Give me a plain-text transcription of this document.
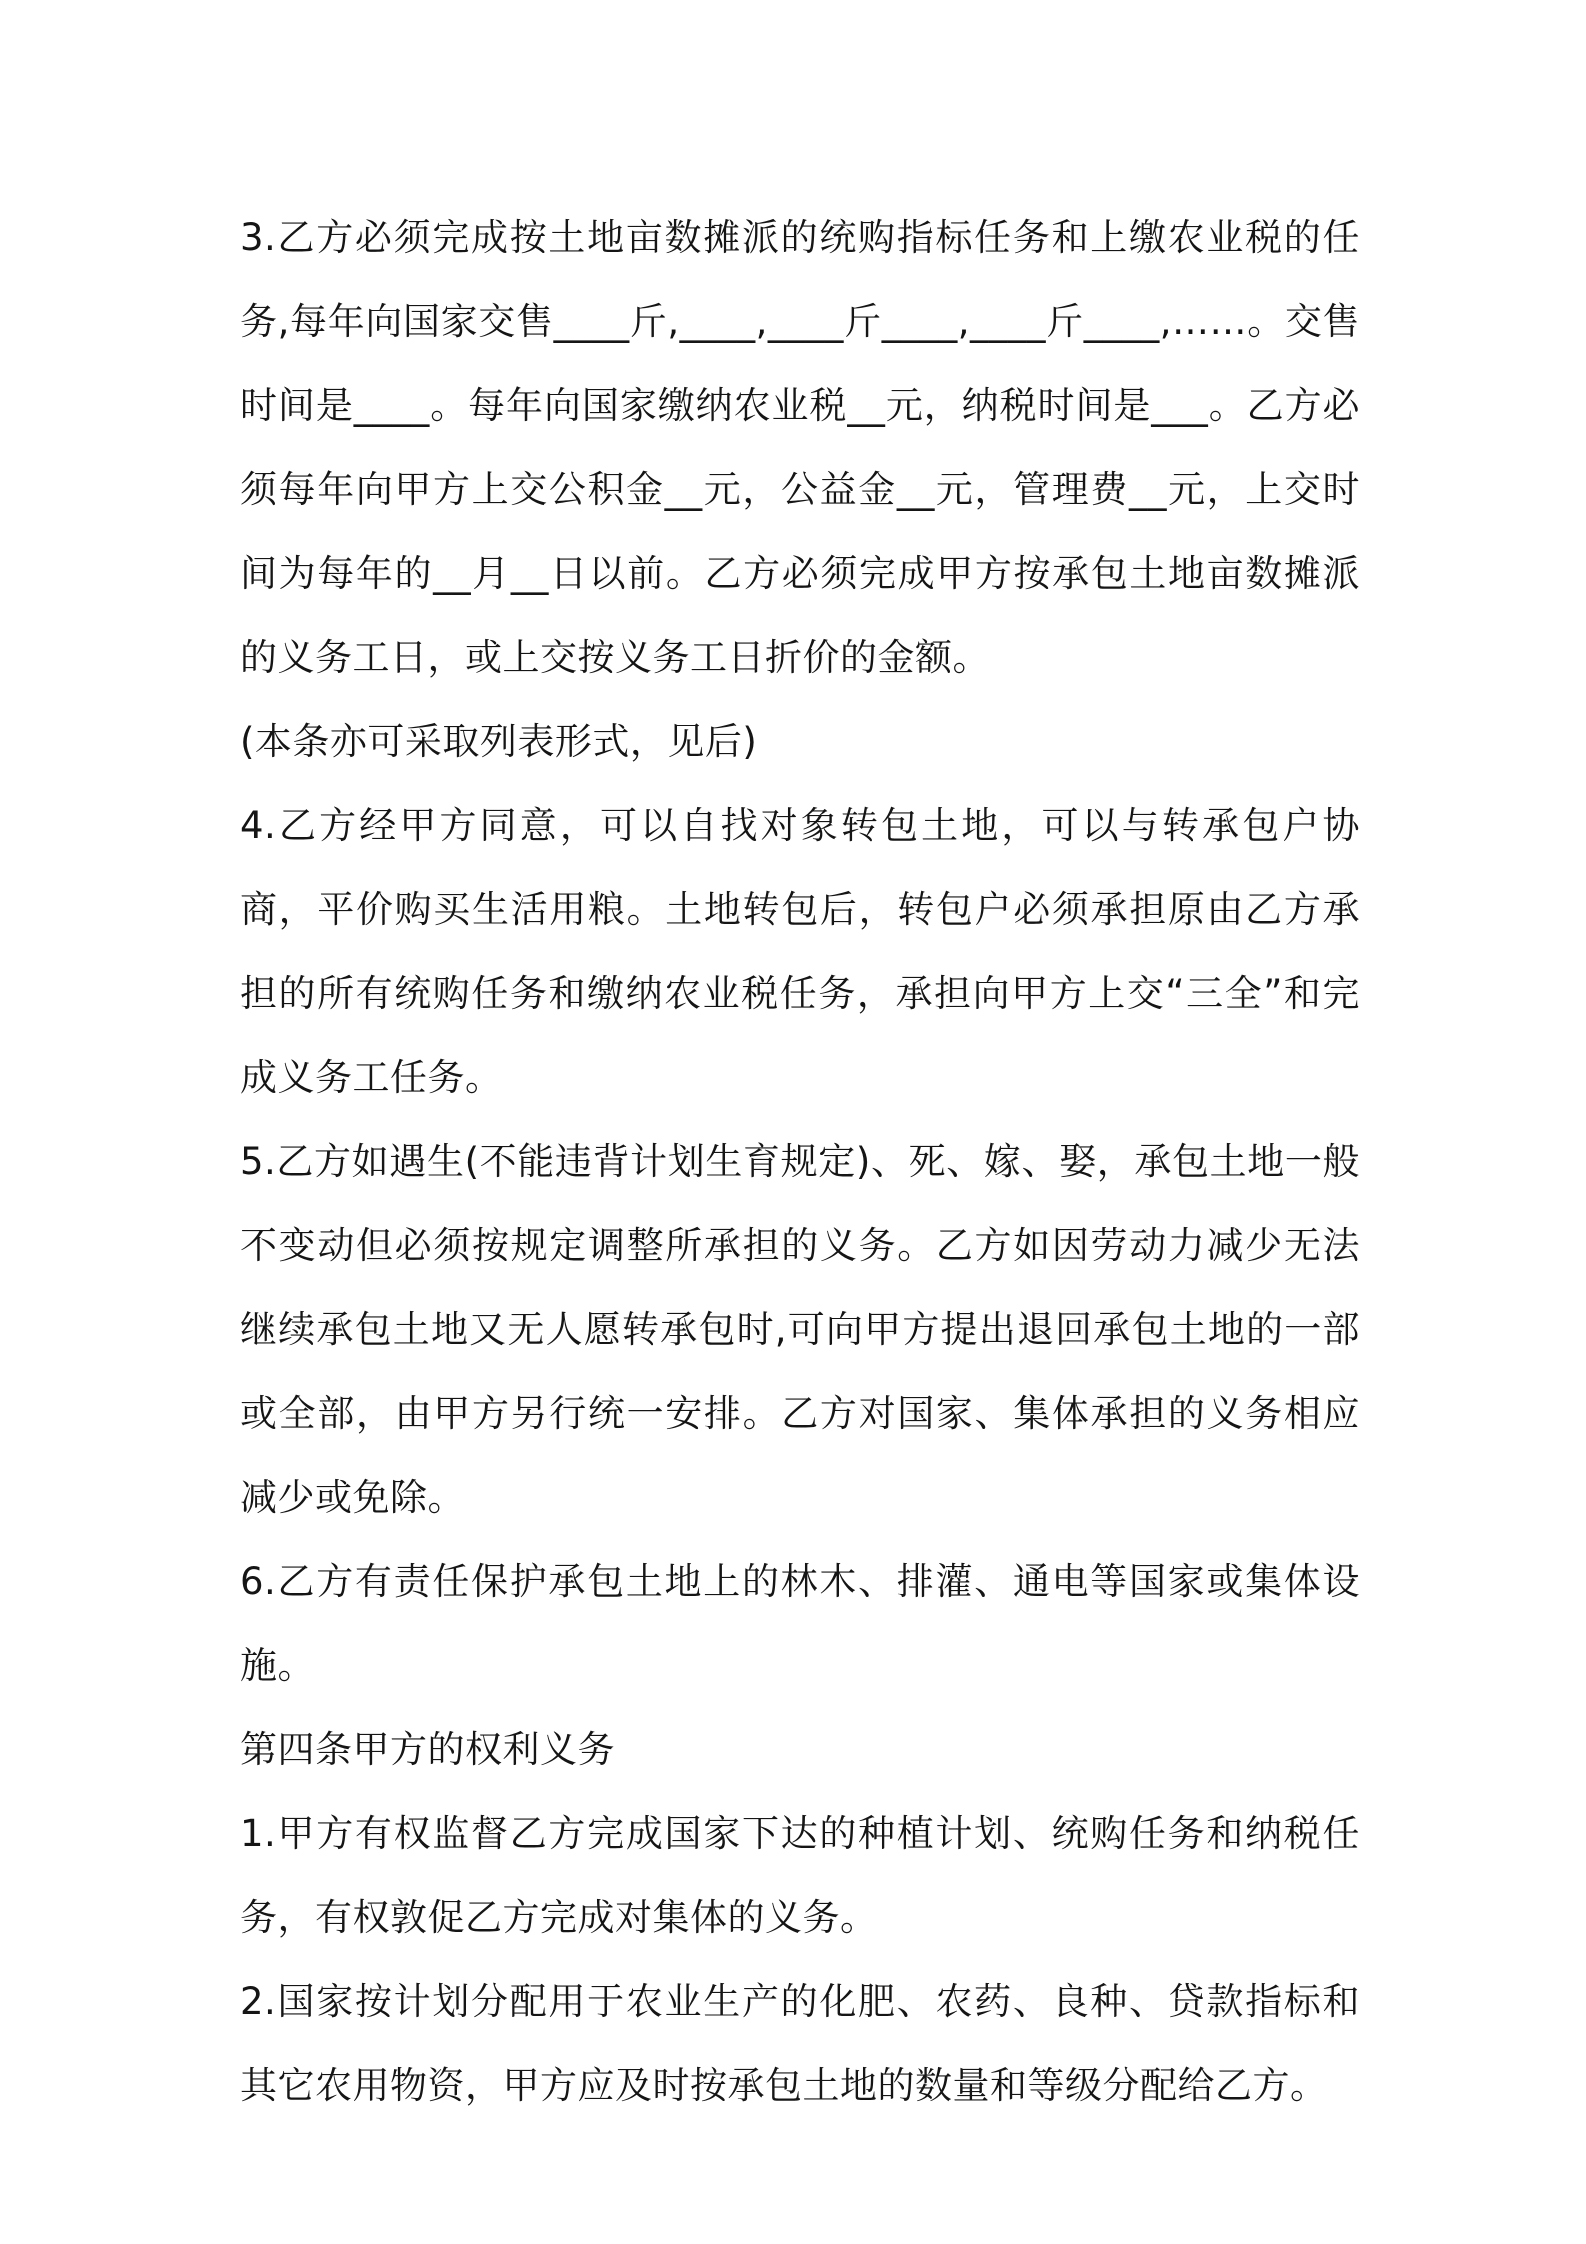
3.乙方必须完成按土地亩数摊派的统购指标任务和上缴农业税的任务,每年向国家交售____斤,____,____斤____,____斤____,……。交售时间是____。每年向国家缴纳农业税__元，纳税时间是___。乙方必须每年向甲方上交公积金__元，公益金__元，管理费__元，上交时间为每年的__月__日以前。乙方必须完成甲方按承包土地亩数摊派的义务工日，或上交按义务工日折价的金额。

(本条亦可采取列表形式，见后)

4.乙方经甲方同意，可以自找对象转包土地，可以与转承包户协商，平价购买生活用粮。土地转包后，转包户必须承担原由乙方承担的所有统购任务和缴纳农业税任务，承担向甲方上交“三全”和完成义务工任务。

5.乙方如遇生(不能违背计划生育规定)、死、嫁、娶，承包土地一般不变动但必须按规定调整所承担的义务。乙方如因劳动力减少无法继续承包土地又无人愿转承包时,可向甲方提出退回承包土地的一部或全部，由甲方另行统一安排。乙方对国家、集体承担的义务相应减少或免除。

6.乙方有责任保护承包土地上的林木、排灌、通电等国家或集体设施。

第四条甲方的权利义务

1.甲方有权监督乙方完成国家下达的种植计划、统购任务和纳税任务，有权敦促乙方完成对集体的义务。

2.国家按计划分配用于农业生产的化肥、农药、良种、贷款指标和其它农用物资，甲方应及时按承包土地的数量和等级分配给乙方。
